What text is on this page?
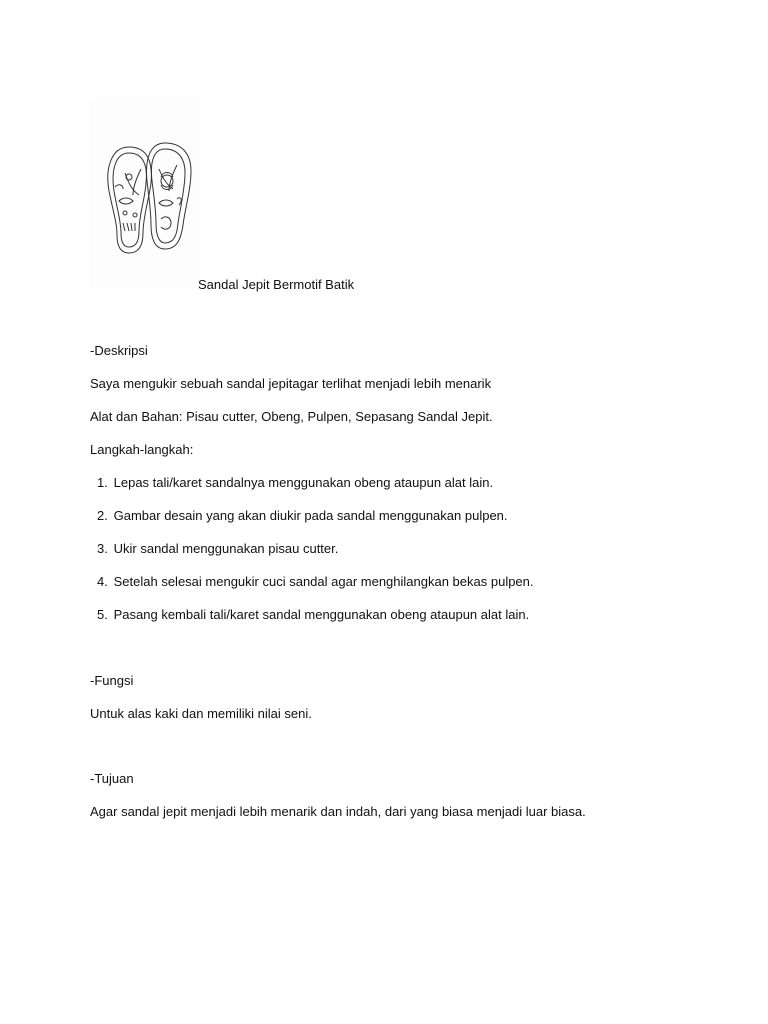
Sandal Jepit Bermotif Batik
-Deskripsi
Saya mengukir sebuah sandal jepitagar terlihat menjadi lebih menarik
Alat dan Bahan: Pisau cutter, Obeng, Pulpen, Sepasang Sandal Jepit.
Langkah-langkah:
1. Lepas tali/karet sandalnya menggunakan obeng ataupun alat lain.
2. Gambar desain yang akan diukir pada sandal menggunakan pulpen.
3. Ukir sandal menggunakan pisau cutter.
4. Setelah selesai mengukir cuci sandal agar menghilangkan bekas pulpen.
5. Pasang kembali tali/karet sandal menggunakan obeng ataupun alat lain.
-Fungsi
Untuk alas kaki dan memiliki nilai seni.
-Tujuan
Agar sandal jepit menjadi lebih menarik dan indah, dari yang biasa menjadi luar biasa.
